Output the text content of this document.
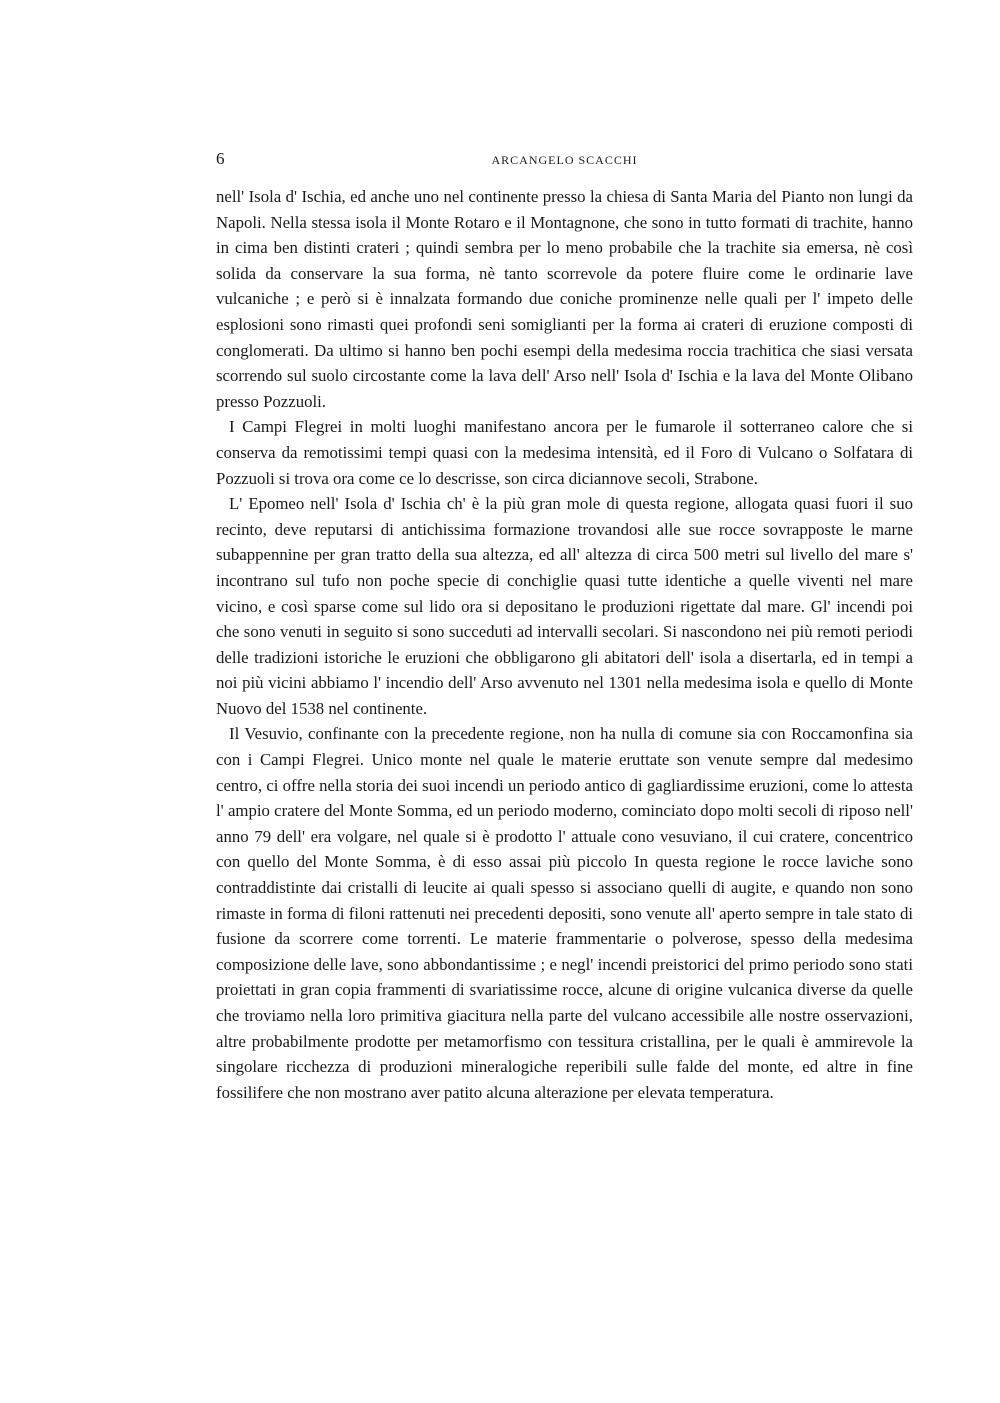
6	ARCANGELO SCACCHI

nell' Isola d' Ischia, ed anche uno nel continente presso la chiesa di Santa Maria del Pianto non lungi da Napoli. Nella stessa isola il Monte Rotaro e il Montagnone, che sono in tutto formati di trachite, hanno in cima ben distinti crateri ; quindi sembra per lo meno probabile che la trachite sia emersa, nè così solida da conservare la sua forma, nè tanto scorrevole da potere fluire come le ordinarie lave vulcaniche ; e però si è innalzata formando due coniche prominenze nelle quali per l' impeto delle esplosioni sono rimasti quei profondi seni somiglianti per la forma ai crateri di eruzione composti di conglomerati. Da ultimo si hanno ben pochi esempi della medesima roccia trachitica che siasi versata scorrendo sul suolo circostante come la lava dell' Arso nell' Isola d' Ischia e la lava del Monte Olibano presso Pozzuoli.

I Campi Flegrei in molti luoghi manifestano ancora per le fumarole il sotterraneo calore che si conserva da remotissimi tempi quasi con la medesima intensità, ed il Foro di Vulcano o Solfatara di Pozzuoli si trova ora come ce lo descrisse, son circa diciannove secoli, Strabone.

L' Epomeo nell' Isola d' Ischia ch' è la più gran mole di questa regione, allogata quasi fuori il suo recinto, deve reputarsi di antichissima formazione trovandosi alle sue rocce sovrapposte le marne subappennine per gran tratto della sua altezza, ed all' altezza di circa 500 metri sul livello del mare s' incontrano sul tufo non poche specie di conchiglie quasi tutte identiche a quelle viventi nel mare vicino, e così sparse come sul lido ora si depositano le produzioni rigettate dal mare. Gl' incendi poi che sono venuti in seguito si sono succeduti ad intervalli secolari. Si nascondono nei più remoti periodi delle tradizioni istoriche le eruzioni che obbligarono gli abitatori dell' isola a disertarla, ed in tempi a noi più vicini abbiamo l' incendio dell' Arso avvenuto nel 1301 nella medesima isola e quello di Monte Nuovo del 1538 nel continente.

Il Vesuvio, confinante con la precedente regione, non ha nulla di comune sia con Roccamonfina sia con i Campi Flegrei. Unico monte nel quale le materie eruttate son venute sempre dal medesimo centro, ci offre nella storia dei suoi incendi un periodo antico di gagliardissime eruzioni, come lo attesta l' ampio cratere del Monte Somma, ed un periodo moderno, cominciato dopo molti secoli di riposo nell' anno 79 dell' era volgare, nel quale si è prodotto l' attuale cono vesuviano, il cui cratere, concentrico con quello del Monte Somma, è di esso assai più piccolo In questa regione le rocce laviche sono contraddistinte dai cristalli di leucite ai quali spesso si associano quelli di augite, e quando non sono rimaste in forma di filoni rattenuti nei precedenti depositi, sono venute all' aperto sempre in tale stato di fusione da scorrere come torrenti. Le materie frammentarie o polverose, spesso della medesima composizione delle lave, sono abbondantissime ; e negl' incendi preistorici del primo periodo sono stati proiettati in gran copia frammenti di svariatissime rocce, alcune di origine vulcanica diverse da quelle che troviamo nella loro primitiva giacitura nella parte del vulcano accessibile alle nostre osservazioni, altre probabilmente prodotte per metamorfismo con tessitura cristallina, per le quali è ammirevole la singolare ricchezza di produzioni mineralogiche reperibili sulle falde del monte, ed altre in fine fossilifere che non mostrano aver patito alcuna alterazione per elevata temperatura.
